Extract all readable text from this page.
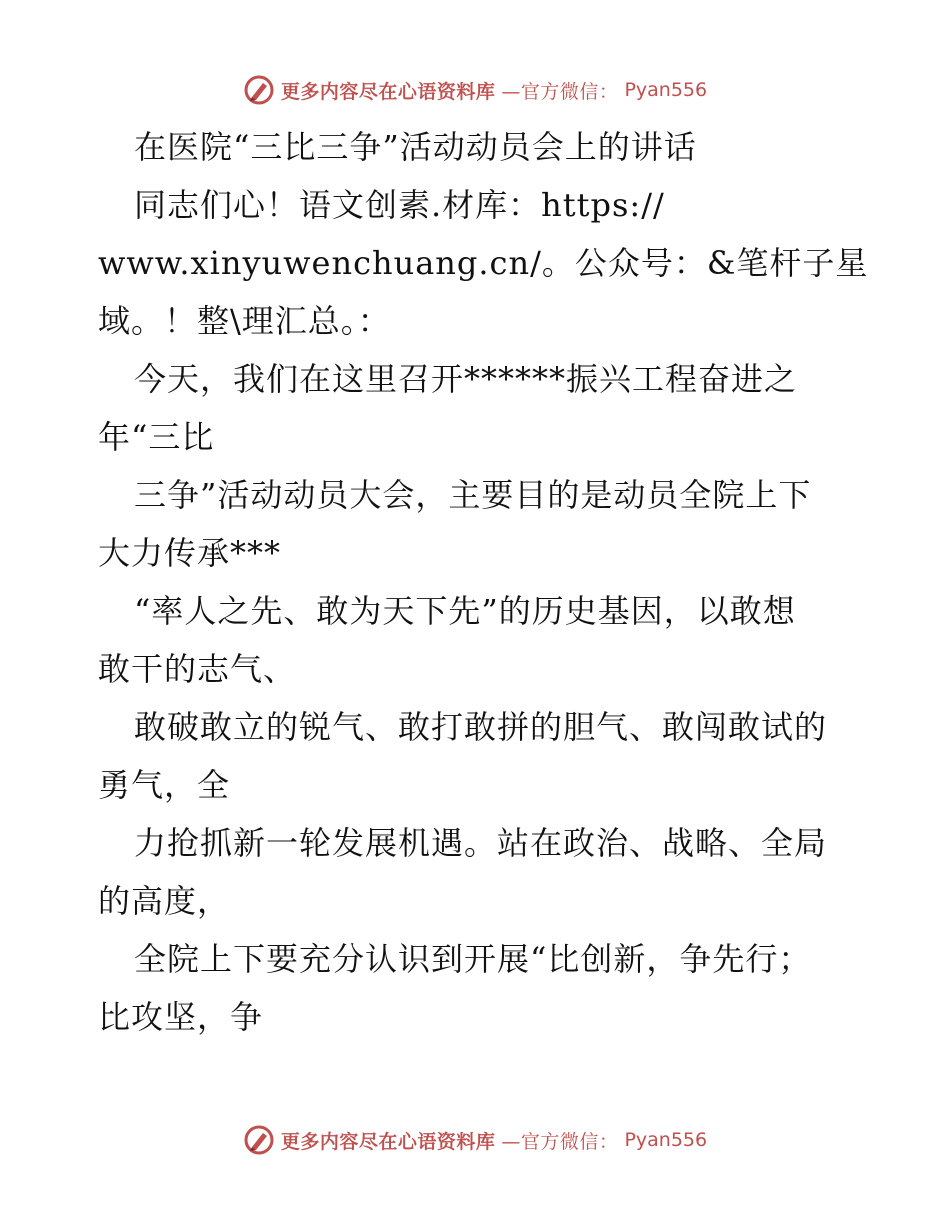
更多内容尽在心语资料库 —官方微信： Pyan556
在医院“三比三争”活动动员会上的讲话
同志们心！语文创素.材库：https://
www.xinyuwenchuang.cn/。公众号：&笔杆子星
域。！整\理汇总。：
今天，我们在这里召开******振兴工程奋进之
年“三比
三争”活动动员大会，主要目的是动员全院上下
大力传承***
“率人之先、敢为天下先”的历史基因，以敢想
敢干的志气、
敢破敢立的锐气、敢打敢拼的胆气、敢闯敢试的
勇气，全
力抢抓新一轮发展机遇。站在政治、战略、全局
的高度，
全院上下要充分认识到开展“比创新，争先行；
比攻坚，争
更多内容尽在心语资料库 —官方微信： Pyan556
